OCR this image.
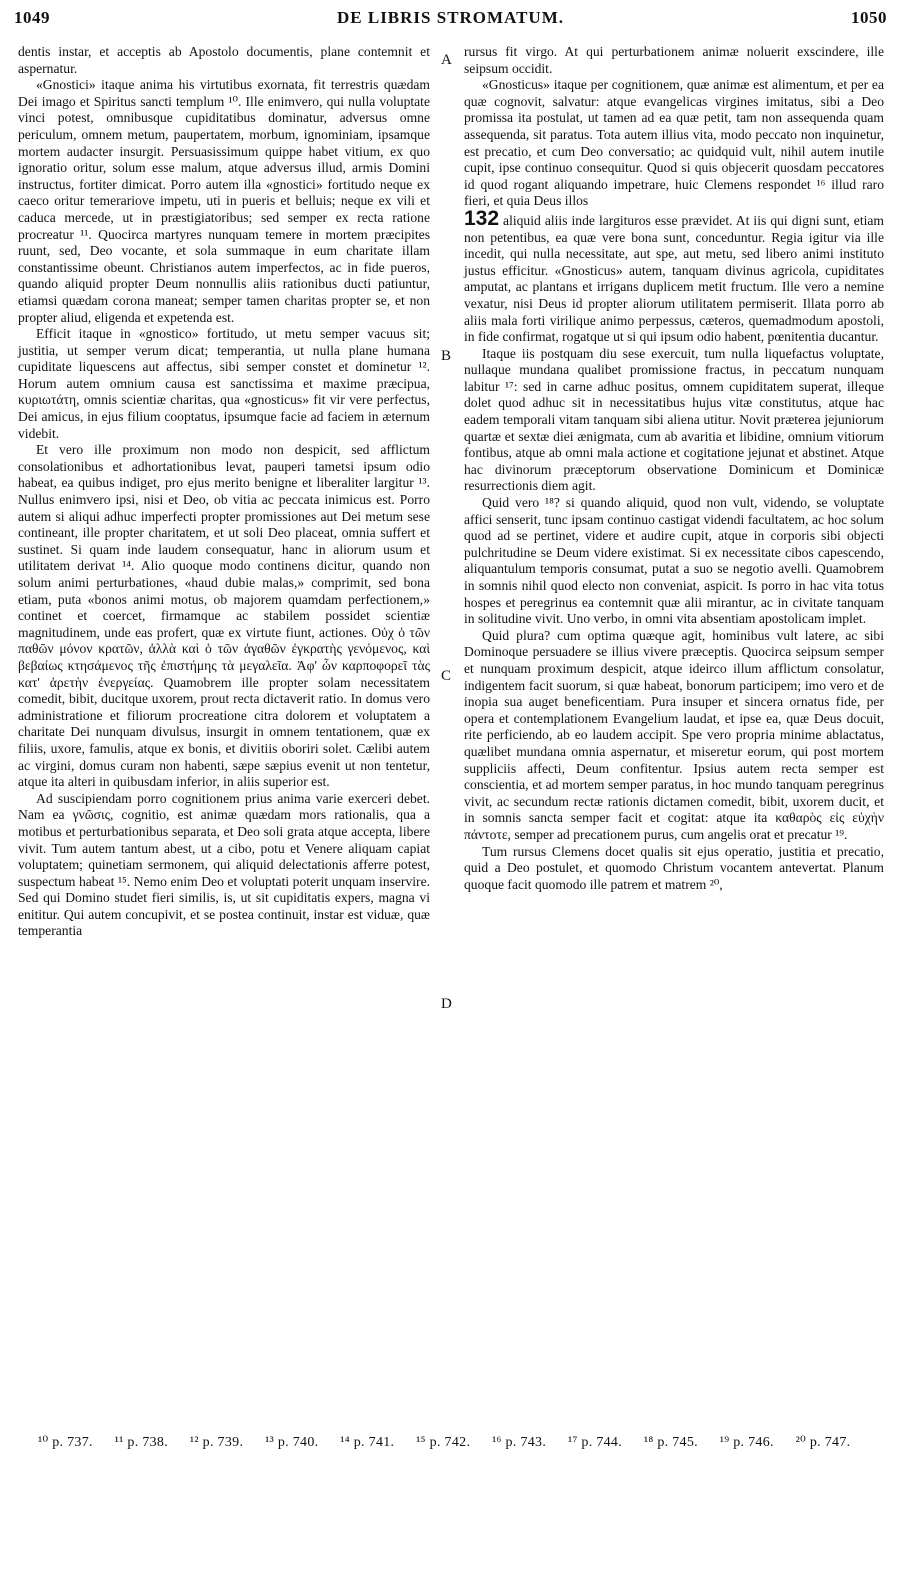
1049	DE LIBRIS STROMATUM.	1050

dentis instar, et acceptis ab Apostolo documentis, plane contemnit et aspernatur.

«Gnostici» itaque anima his virtutibus exornata, fit terrestris quædam Dei imago et Spiritus sancti templum ¹⁰. Ille enimvero, qui nulla voluptate vinci potest, omnibusque cupiditatibus dominatur, adversus omne periculum, omnem metum, paupertatem, morbum, ignominiam, ipsamque mortem audacter insurgit. Persuasissimum quippe habet vitium, ex quo ignoratio oritur, solum esse malum, atque adversus illud, armis Domini instructus, fortiter dimicat. Porro autem illa «gnostici» fortitudo neque ex caeco oritur temerariove impetu, uti in pueris et belluis; neque ex vili et caduca mercede, ut in præstigiatoribus; sed semper ex recta ratione procreatur ¹¹. Quocirca martyres nunquam temere in mortem præcipites ruunt, sed, Deo vocante, et sola summaque in eum charitate illam constantissime obeunt. Christianos autem imperfectos, ac in fide pueros, quando aliquid propter Deum nonnullis aliis rationibus ducti patiuntur, etiamsi quædam corona maneat; semper tamen charitas propter se, et non propter aliud, eligenda et expetenda est.

Efficit itaque in «gnostico» fortitudo, ut metu semper vacuus sit; justitia, ut semper verum dicat; temperantia, ut nulla plane humana cupiditate liquescens aut affectus, sibi semper constet et dominetur ¹². Horum autem omnium causa est sanctissima et maxime præcipua, κυριωτάτη, omnis scientiæ charitas, qua «gnosticus» fit vir vere perfectus, Dei amicus, in ejus filium cooptatus, ipsumque facie ad faciem in æternum videbit.

Et vero ille proximum non modo non despicit, sed afflictum consolationibus et adhortationibus levat, pauperi tametsi ipsum odio habeat, ea quibus indiget, pro ejus merito benigne et liberaliter largitur ¹³. Nullus enimvero ipsi, nisi et Deo, ob vitia ac peccata inimicus est. Porro autem si aliqui adhuc imperfecti propter promissiones aut Dei metum sese contineant, ille propter charitatem, et ut soli Deo placeat, omnia suffert et sustinet. Si quam inde laudem consequatur, hanc in aliorum usum et utilitatem derivat ¹⁴. Alio quoque modo continens dicitur, quando non solum animi perturbationes, «haud dubie malas,» comprimit, sed bona etiam, puta «bonos animi motus, ob majorem quamdam perfectionem,» continet et coercet, firmamque ac stabilem possidet scientiæ magnitudinem, unde eas profert, quæ ex virtute fiunt, actiones. Οὐχ ὁ τῶν παθῶν μόνον κρατῶν, ἀλλὰ καὶ ὁ τῶν ἀγαθῶν ἐγκρατὴς γενόμενος, καὶ βεβαίως κτησάμενος τῆς ἐπιστήμης τὰ μεγαλεῖα. Ἀφ' ὧν καρποφορεῖ τὰς κατ' ἀρετὴν ἐνεργείας. Quamobrem ille propter solam necessitatem comedit, bibit, ducitque uxorem, prout recta dictaverit ratio. In domus vero administratione et filiorum procreatione citra dolorem et voluptatem a charitate Dei nunquam divulsus, insurgit in omnem tentationem, quæ ex filiis, uxore, famulis, atque ex bonis, et divitiis oboriri solet. Cælibi autem ac virgini, domus curam non habenti, sæpe sæpius evenit ut non tentetur, atque ita alteri in quibusdam inferior, in aliis superior est.

Ad suscipiendam porro cognitionem prius anima varie exerceri debet. Nam ea γνῶσις, cognitio, est animæ quædam mors rationalis, qua a motibus et perturbationibus separata, et Deo soli grata atque accepta, libere vivit. Tum autem tantum abest, ut a cibo, potu et Venere aliquam capiat voluptatem; quinetiam sermonem, qui aliquid delectationis afferre potest, suspectum habeat ¹⁵. Nemo enim Deo et voluptati poterit unquam inservire. Sed qui Domino studet fieri similis, is, ut sit cupiditatis expers, magna vi enititur. Qui autem concupivit, et se postea continuit, instar est viduæ, quæ temperantia

A
B
C
D

rursus fit virgo. At qui perturbationem animæ noluerit exscindere, ille seipsum occidit.

«Gnosticus» itaque per cognitionem, quæ animæ est alimentum, et per ea quæ cognovit, salvatur: atque evangelicas virgines imitatus, sibi a Deo promissa ita postulat, ut tamen ad ea quæ petit, tam non assequenda quam assequenda, sit paratus. Tota autem illius vita, modo peccato non inquinetur, est precatio, et cum Deo conversatio; ac quidquid vult, nihil autem inutile cupit, ipse continuo consequitur. Quod si quis objecerit quosdam peccatores id quod rogant aliquando impetrare, huic Clemens respondet ¹⁶ illud raro fieri, et quia Deus illos

132 aliquid aliis inde largituros esse prævidet. At iis qui digni sunt, etiam non petentibus, ea quæ vere bona sunt, conceduntur. Regia igitur via ille incedit, qui nulla necessitate, aut spe, aut metu, sed libero animi instituto justus efficitur. «Gnosticus» autem, tanquam divinus agricola, cupiditates amputat, ac plantans et irrigans duplicem metit fructum. Ille vero a nemine vexatur, nisi Deus id propter aliorum utilitatem permiserit. Illata porro ab aliis mala forti virilique animo perpessus, cæteros, quemadmodum apostoli, in fide confirmat, rogatque ut si qui ipsum odio habent, pœnitentia ducantur.

Itaque iis postquam diu sese exercuit, tum nulla liquefactus voluptate, nullaque mundana qualibet promissione fractus, in peccatum nunquam labitur ¹⁷: sed in carne adhuc positus, omnem cupiditatem superat, illeque dolet quod adhuc sit in necessitatibus hujus vitæ constitutus, atque hac eadem temporali vitam tanquam sibi aliena utitur. Novit præterea jejuniorum quartæ et sextæ diei ænigmata, cum ab avaritia et libidine, omnium vitiorum fontibus, atque ab omni mala actione et cogitatione jejunat et abstinet. Atque hac divinorum præceptorum observatione Dominicum et Dominicæ resurrectionis diem agit.

Quid vero ¹⁸? si quando aliquid, quod non vult, videndo, se voluptate affici senserit, tunc ipsam continuo castigat videndi facultatem, ac hoc solum quod ad se pertinet, videre et audire cupit, atque in corporis sibi objecti pulchritudine se Deum videre existimat. Si ex necessitate cibos capescendo, aliquantulum temporis consumat, putat a suo se negotio avelli. Quamobrem in somnis nihil quod electo non conveniat, aspicit. Is porro in hac vita totus hospes et peregrinus ea contemnit quæ alii mirantur, ac in civitate tanquam in solitudine vivit. Uno verbo, in omni vita absentiam apostolicam implet.

Quid plura? cum optima quæque agit, hominibus vult latere, ac sibi Dominoque persuadere se illius vivere præceptis. Quocirca seipsum semper et nunquam proximum despicit, atque ideirco illum afflictum consolatur, indigentem facit suorum, si quæ habeat, bonorum participem; imo vero et de inopia sua auget beneficentiam. Pura insuper et sincera ornatus fide, per opera et contemplationem Evangelium laudat, et ipse ea, quæ Deus docuit, rite perficiendo, ab eo laudem accipit. Spe vero propria minime ablactatus, quælibet mundana omnia aspernatur, et miseretur eorum, qui post mortem suppliciis affecti, Deum confitentur. Ipsius autem recta semper est conscientia, et ad mortem semper paratus, in hoc mundo tanquam peregrinus vivit, ac secundum rectæ rationis dictamen comedit, bibit, uxorem ducit, et in somnis sancta semper facit et cogitat: atque ita καθαρὸς εἰς εὐχὴν πάντοτε, semper ad precationem purus, cum angelis orat et precatur ¹⁹.

Tum rursus Clemens docet qualis sit ejus operatio, justitia et precatio, quid a Deo postulet, et quomodo Christum vocantem antevertat. Planum quoque facit quomodo ille patrem et matrem ²⁰,

¹⁰ p. 737. ¹¹ p. 738. ¹² p. 739. ¹³ p. 740. ¹⁴ p. 741. ¹⁵ p. 742. ¹⁶ p. 743. ¹⁷ p. 744. ¹⁸ p. 745. ¹⁹ p. 746. ²⁰ p. 747.
